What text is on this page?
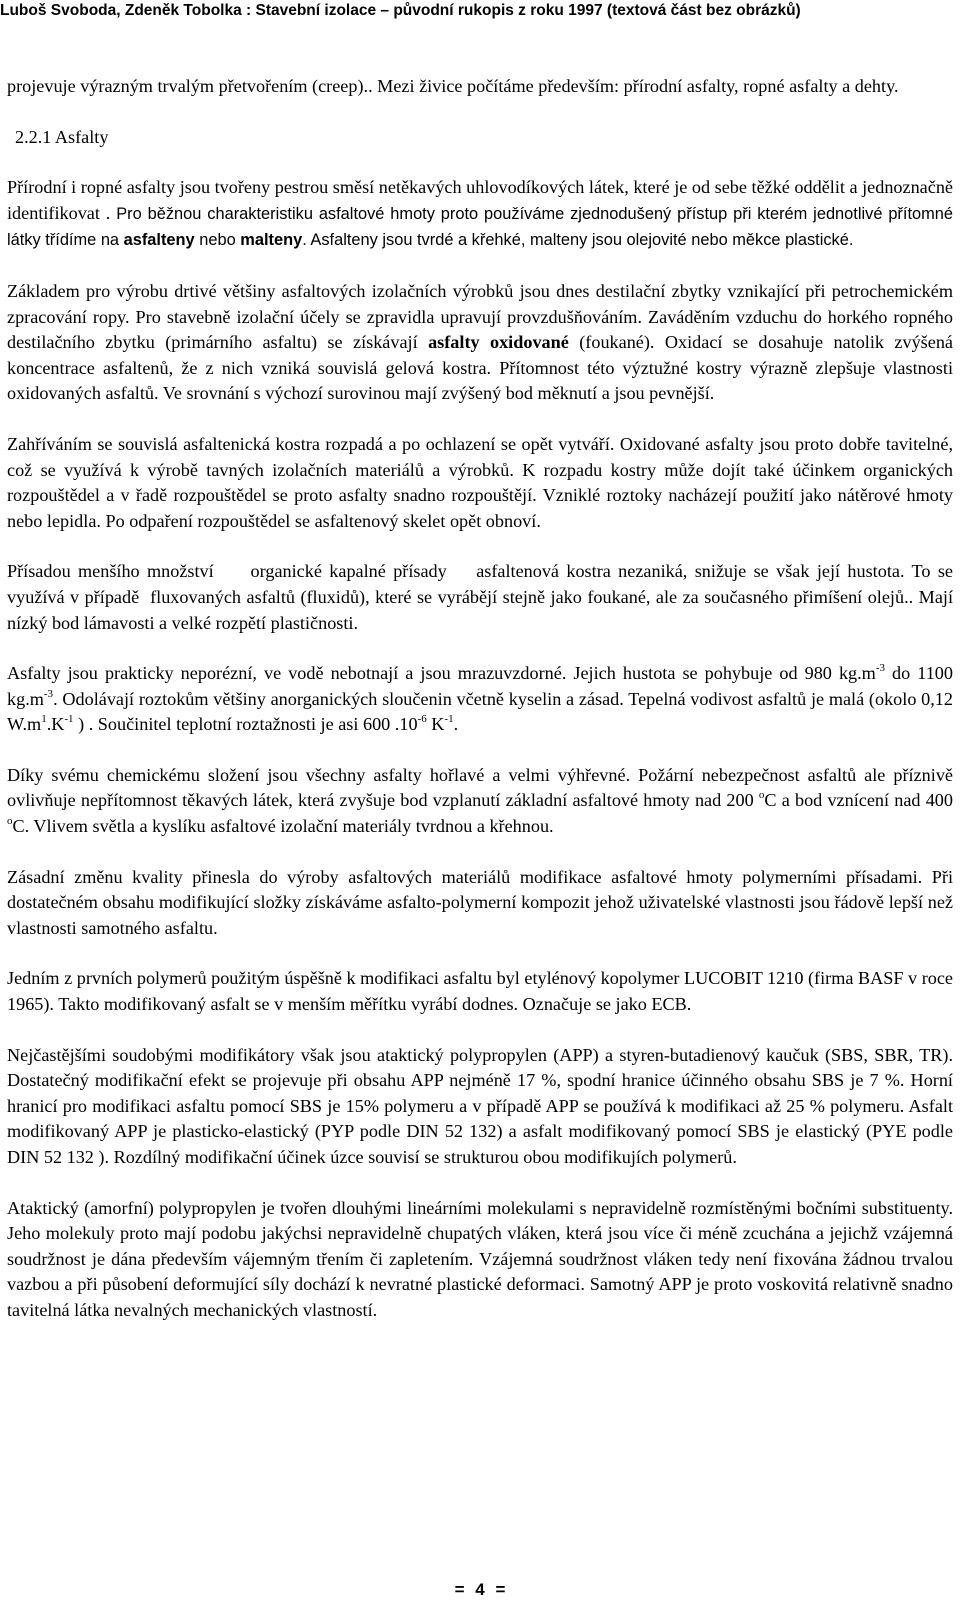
Luboš Svoboda, Zdeněk Tobolka : Stavební izolace – původní rukopis z roku 1997 (textová část bez obrázků)

projevuje výrazným trvalým přetvořením (creep).. Mezi živice počítáme především: přírodní asfalty, ropné asfalty a dehty.

2.2.1 Asfalty

Přírodní i ropné asfalty jsou tvořeny pestrou směsí netěkavých uhlovodíkových látek, které je od sebe těžké oddělit a jednoznačně identifikovat . Pro běžnou charakteristiku asfaltové hmoty proto používáme zjednodušený přístup při kterém jednotlivé přítomné látky třídíme na asfalteny nebo malteny. Asfalteny jsou tvrdé a křehké, malteny jsou olejovité nebo měkce plastické.

Základem pro výrobu drtivé většiny asfaltových izolačních výrobků jsou dnes destilační zbytky vznikající při petrochemickém zpracování ropy. Pro stavebně izolační účely se zpravidla upravují provzdušňováním. Zaváděním vzduchu do horkého ropného destilačního zbytku (primárního asfaltu) se získávají asfalty oxidované (foukané). Oxidací se dosahuje natolik zvýšená koncentrace asfaltenů, že z nich vzniká souvislá gelová kostra. Přítomnost této výztužné kostry výrazně zlepšuje vlastnosti oxidovaných asfaltů. Ve srovnání s výchozí surovinou mají zvýšený bod měknutí a jsou pevnější.

Zahříváním se souvislá asfaltenická kostra rozpadá a po ochlazení se opět vytváří. Oxidované asfalty jsou proto dobře tavitelné, což se využívá k výrobě tavných izolačních materiálů a výrobků. K rozpadu kostry může dojít také účinkem organických rozpouštědel a v řadě rozpouštědel se proto asfalty snadno rozpouštějí. Vzniklé roztoky nacházejí použití jako nátěrové hmoty nebo lepidla. Po odpaření rozpouštědel se asfaltenový skelet opět obnoví.

Přísadou menšího množství     organické kapalné přísady    asfaltenová kostra nezaniká, snižuje se však její hustota. To se využívá v případě  fluxovaných asfaltů (fluxidů), které se vyrábějí stejně jako foukané, ale za současného přimíšení olejů.. Mají nízký bod lámavosti a velké rozpětí plastičnosti.

Asfalty jsou prakticky neporézní, ve vodě nebotnají a jsou mrazuvzdorné. Jejich hustota se pohybuje od 980 $kg.m^{-3}$ do 1100 $kg.m^{-3}$. Odolávají roztokům většiny anorganických sloučenin včetně kyselin a zásad. Tepelná vodivost asfaltů je malá (okolo 0,12 $W.m^1.K^{-1}$ ) . Součinitel teplotní roztažnosti je asi 600 $.10^{-6}$ $K^{-1}$.

Díky svému chemickému složení jsou všechny asfalty hořlavé a velmi výhřevné. Požární nebezpečnost asfaltů ale příznivě ovlivňuje nepřítomnost těkavých látek, která zvyšuje bod vzplanutí základní asfaltové hmoty nad 200 $^o$C a bod vznícení nad 400 $^o$C. Vlivem světla a kyslíku asfaltové izolační materiály tvrdnou a křehnou.

Zásadní změnu kvality přinesla do výroby asfaltových materiálů modifikace asfaltové hmoty polymerními přísadami. Při dostatečném obsahu modifikující složky získáváme asfalto-polymerní kompozit jehož uživatelské vlastnosti jsou řádově lepší než vlastnosti samotného asfaltu.

Jedním z prvních polymerů použitým úspěšně k modifikaci asfaltu byl etylénový kopolymer LUCOBIT 1210 (firma BASF v roce 1965). Takto modifikovaný asfalt se v menším měřítku vyrábí dodnes. Označuje se jako ECB.

Nejčastějšími soudobými modifikátory však jsou ataktický polypropylen (APP) a styren-butadienový kaučuk (SBS, SBR, TR). Dostatečný modifikační efekt se projevuje při obsahu APP nejméně 17 %, spodní hranice účinného obsahu SBS je 7 %. Horní hranicí pro modifikaci asfaltu pomocí SBS je 15% polymeru a v případě APP se používá k modifikaci až 25 % polymeru. Asfalt modifikovaný APP je plasticko-elastický (PYP podle DIN 52 132) a asfalt modifikovaný pomocí SBS je elastický (PYE podle DIN 52 132 ). Rozdílný modifikační účinek úzce souvisí se strukturou obou modifikujích polymerů.

Ataktický (amorfní) polypropylen je tvořen dlouhými lineárními molekulami s nepravidelně rozmístěnými bočními substituenty. Jeho molekuly proto mají podobu jakýchsi nepravidelně chupatých vláken, která jsou více či méně zcuchána a jejichž vzájemná soudržnost je dána především vájemným třením či zapletením. Vzájemná soudržnost vláken tedy není fixována žádnou trvalou vazbou a při působení deformující síly dochází k nevratné plastické deformaci. Samotný APP je proto voskovitá relativně snadno tavitelná látka nevalných mechanických vlastností.

= 4 =
